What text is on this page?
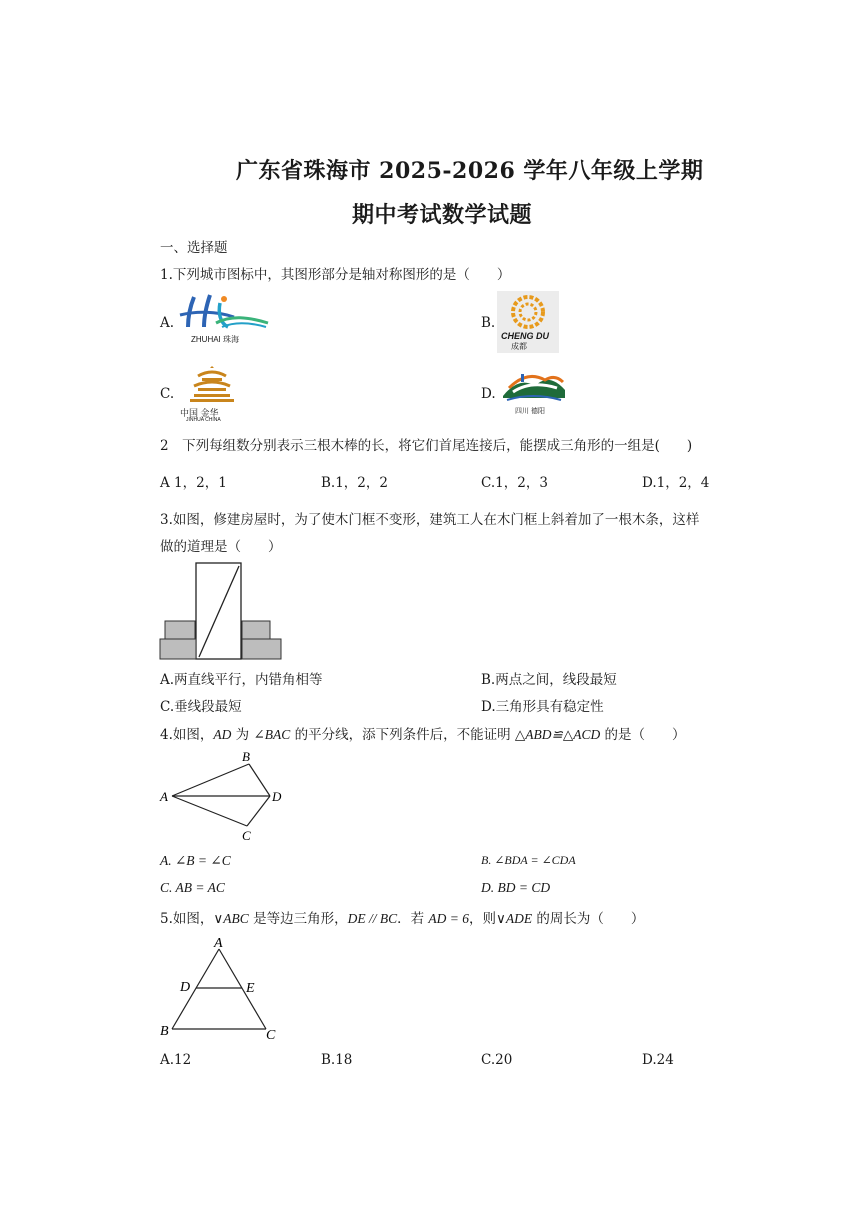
广东省珠海市 2025-2026 学年八年级上学期
期中考试数学试题
一、选择题
1.下列城市图标中，其图形部分是轴对称图形的是（　　）
A.
ZHUHAI 珠海
B.
CHENG DU
成都
C.
中国 金华
JINHUA CHINA
D.
四川 德阳
2　下列每组数分别表示三根木棒的长，将它们首尾连接后，能摆成三角形的一组是(　　)
A 1，2，1	B.1，2，2	C.1，2，3	D.1，2，4
3.如图，修建房屋时，为了使木门框不变形，建筑工人在木门框上斜着加了一根木条，这样
做的道理是（　　）
A.两直线平行，内错角相等	B.两点之间，线段最短
C.垂线段最短	D.三角形具有稳定性
4.如图，AD 为 ∠BAC 的平分线，添下列条件后，不能证明 △ABD≌△ACD 的是（　　）
A
B
D
C
A. ∠B = ∠C	B. ∠BDA = ∠CDA
C. AB = AC	D. BD = CD
5.如图，∨ABC 是等边三角形，DE // BC．若 AD = 6，则∨ADE 的周长为（　　）
A
D	E
B	C
A.12	B.18	C.20	D.24
